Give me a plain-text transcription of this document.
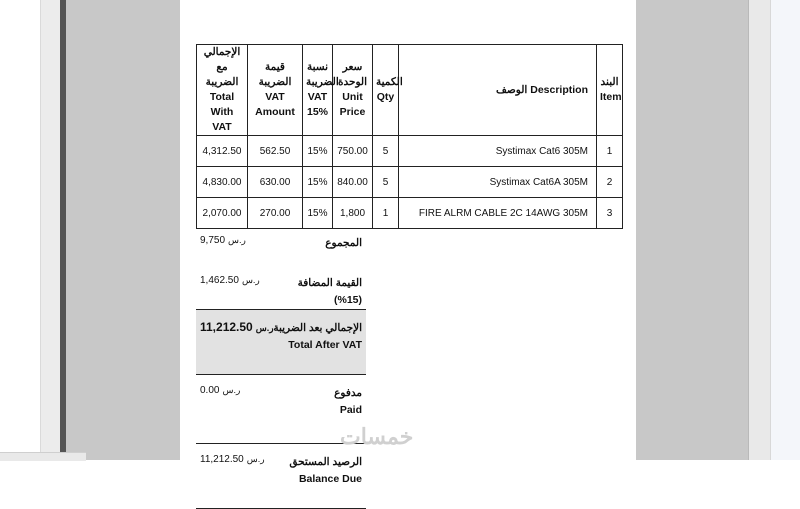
الإجمالي مع الضريبة Total With VAT	قيمة الضريبة VAT Amount	نسبة الضريبة VAT 15%	سعر الوحدة Unit Price	الكمية Qty	الوصف Description	البند Item
4,312.50	562.50	15%	750.00	5	Systimax Cat6 305M	1
4,830.00	630.00	15%	840.00	5	Systimax Cat6A 305M	2
2,070.00	270.00	15%	1,800	1	FIRE ALRM CABLE 2C 14AWG 305M	3
9,750 ر.س	المجموع
1,462.50 ر.س	القيمة المضافة (15%)
11,212.50 ر.س	الإجمالي بعد الضريبة
Total After VAT

0.00 ر.س	مدفوع
Paid

11,212.50 ر.س	الرصيد المستحق
Balance Due
خمسات
